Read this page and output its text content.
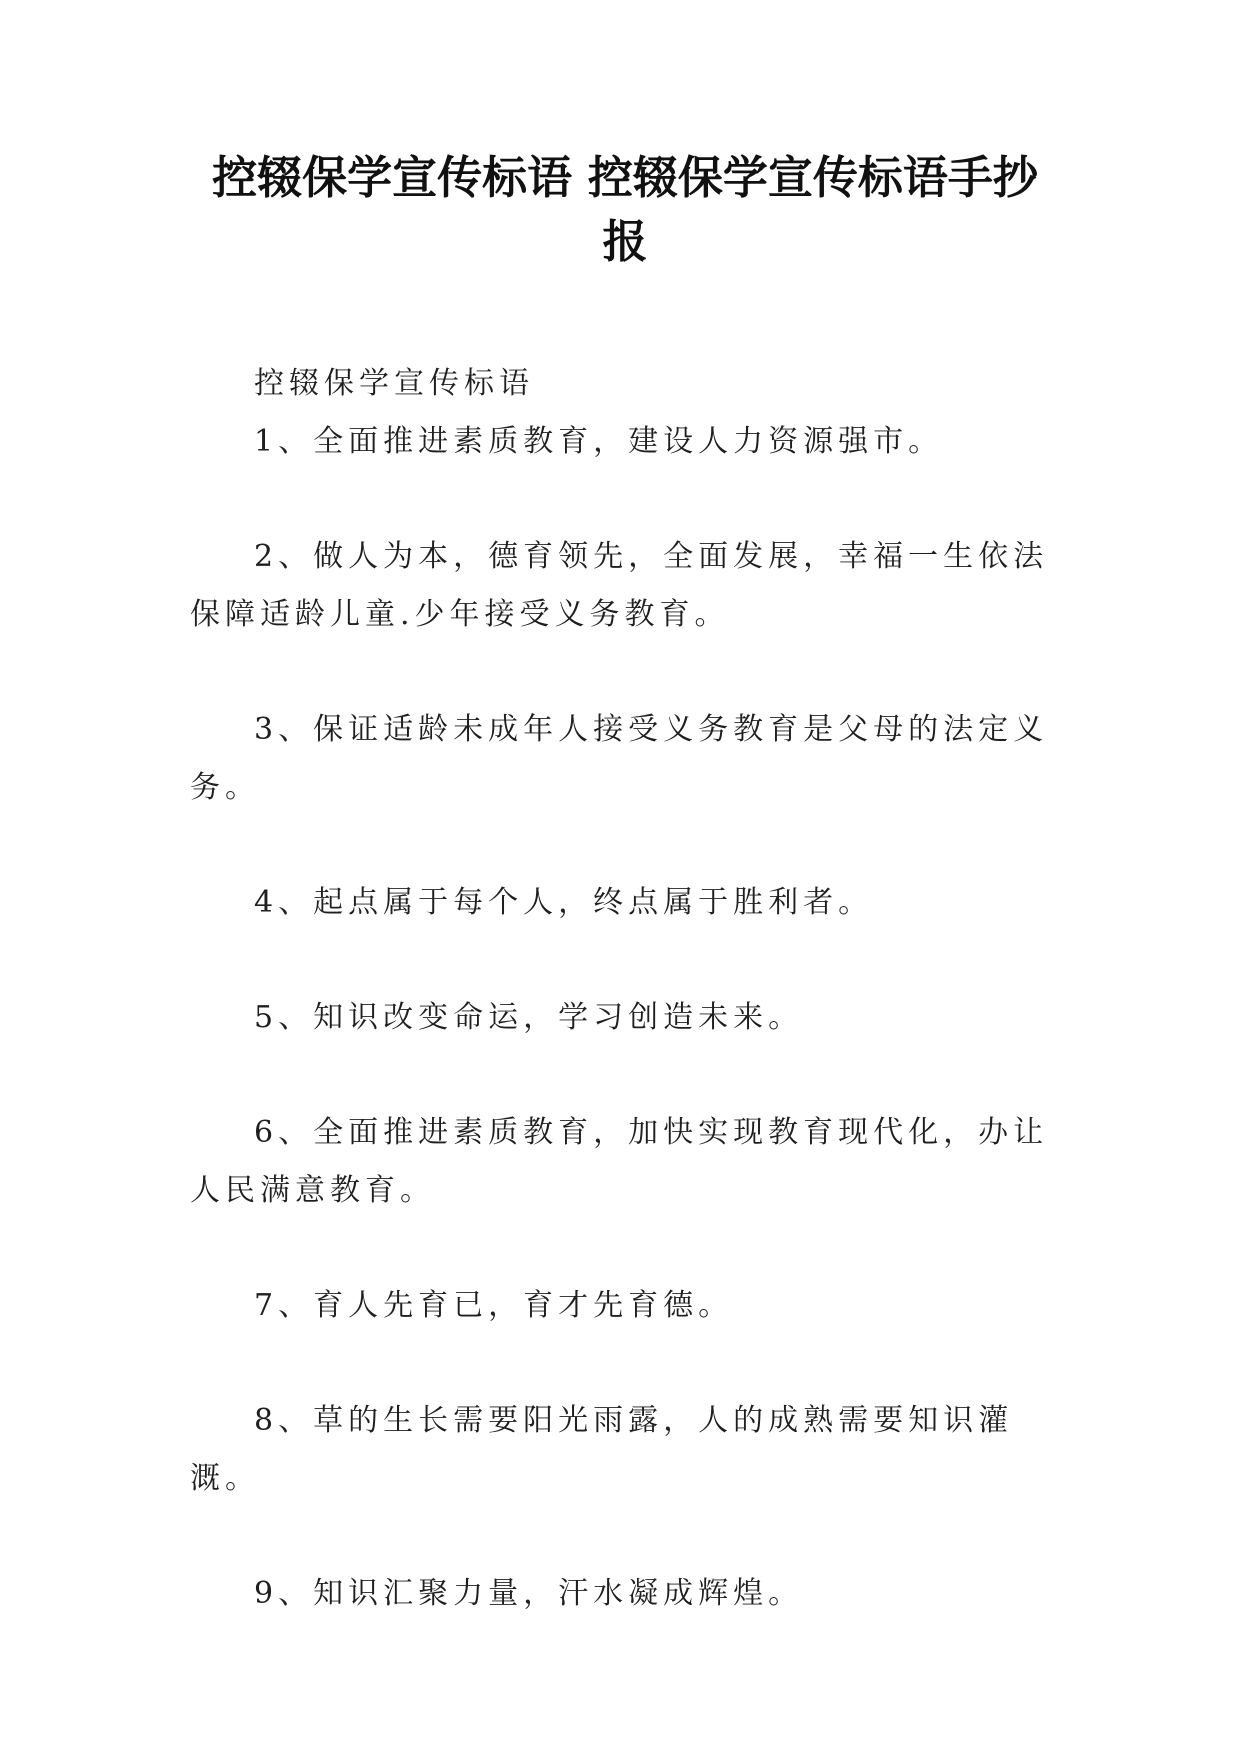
控辍保学宣传标语 控辍保学宣传标语手抄
报

控辍保学宣传标语

1、全面推进素质教育，建设人力资源强市。

2、做人为本，德育领先，全面发展，幸福一生依法保障适龄儿童.少年接受义务教育。

3、保证适龄未成年人接受义务教育是父母的法定义务。

4、起点属于每个人，终点属于胜利者。

5、知识改变命运，学习创造未来。

6、全面推进素质教育，加快实现教育现代化，办让人民满意教育。

7、育人先育已，育才先育德。

8、草的生长需要阳光雨露，人的成熟需要知识灌溉。

9、知识汇聚力量，汗水凝成辉煌。
